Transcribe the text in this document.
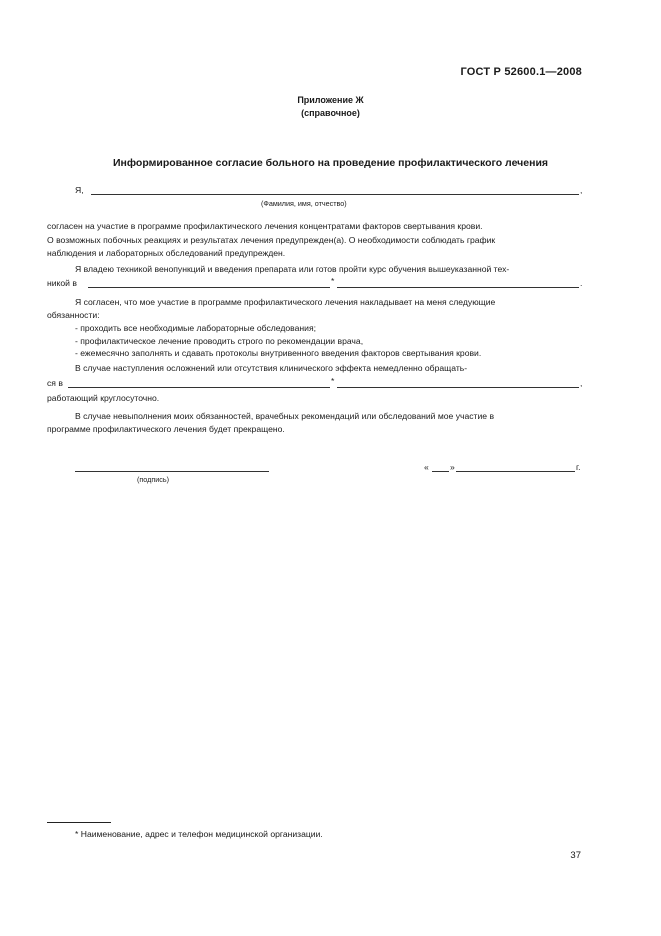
ГОСТ Р 52600.1—2008
Приложение Ж
(справочное)
Информированное согласие больного на проведение профилактического лечения
Я,	,
(Фамилия, имя, отчество)
согласен на участие в программе профилактического лечения концентратами факторов свертывания крови.
О возможных побочных реакциях и результатах лечения предупрежден(а). О необходимости соблюдать график
наблюдения и лабораторных обследований предупрежден.
Я владею техникой венопункций и введения препарата или готов пройти курс обучения вышеуказанной тех-
никой в	*	.
Я согласен, что мое участие в программе профилактического лечения накладывает на меня следующие
обязанности:
- проходить все необходимые лабораторные обследования;
- профилактическое лечение проводить строго по рекомендации врача,
- ежемесячно заполнять и сдавать протоколы внутривенного введения факторов свертывания крови.
В случае наступления осложнений или отсутствия клинического эффекта немедленно обращать-
ся в	*	,
работающий круглосуточно.
В случае невыполнения моих обязанностей, врачебных рекомендаций или обследований мое участие в
программе профилактического лечения будет прекращено.
(подпись)
« »	г.
* Наименование, адрес и телефон медицинской организации.
37
